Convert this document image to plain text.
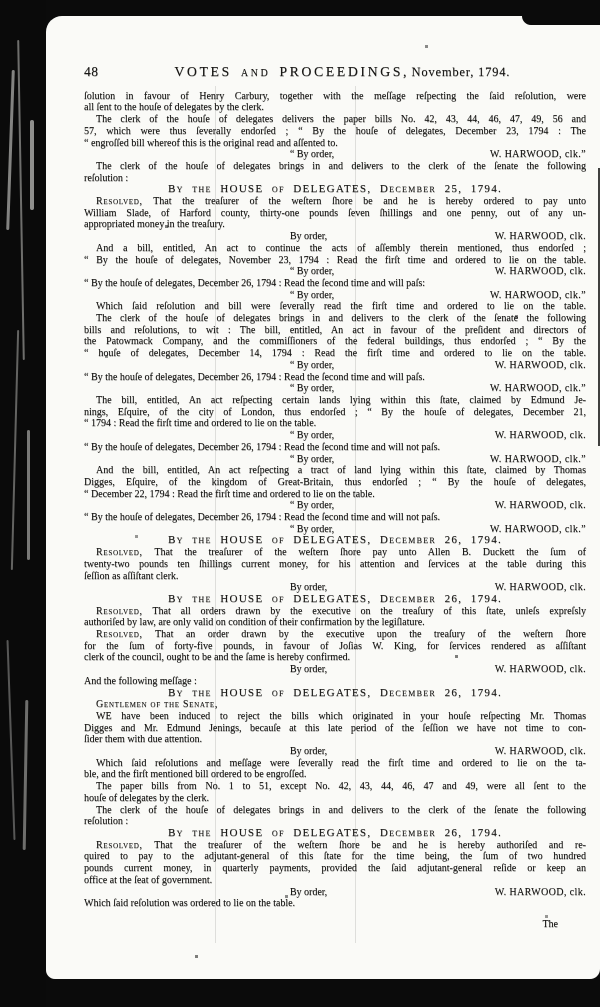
48	VOTES and PROCEEDINGS, November, 1794.
ſolution in favour of Henry Carbury, together with the meſſage reſpecting the ſaid reſolution, were
all ſent to the houſe of delegates by the clerk.
The clerk of the houſe of delegates delivers the paper bills No. 42, 43, 44, 46, 47, 49, 56 and
57, which were thus ſeverally endorſed ; “ By the houſe of delegates, December 23, 1794 : The
“ engroſſed bill whereof this is the original read and aſſented to.
“ By order,	W. HARWOOD, clk.”
The clerk of the houſe of delegates brings in and delivers to the clerk of the ſenate the following
reſolution :
By the HOUSE of DELEGATES, December 25, 1794.
Resolved, That the treaſurer of the weſtern ſhore be and he is hereby ordered to pay unto
William Slade, of Harford county, thirty-one pounds ſeven ſhillings and one penny, out of any un-
appropriated money in the treaſury.
By order,	W. HARWOOD, clk.
And a bill, entitled, An act to continue the acts of aſſembly therein mentioned, thus endorſed ;
“ By the houſe of delegates, November 23, 1794 : Read the firſt time and ordered to lie on the table.
“ By order,	W. HARWOOD, clk.
“ By the houſe of delegates, December 26, 1794 : Read the ſecond time and will paſs:
“ By order,	W. HARWOOD, clk.”
Which ſaid reſolution and bill were ſeverally read the firſt time and ordered to lie on the table.
The clerk of the houſe of delegates brings in and delivers to the clerk of the ſenate the following
bills and reſolutions, to wit : The bill, entitled, An act in favour of the preſident and directors of
the Patowmack Company, and the commiſſioners of the federal buildings, thus endorſed ; “ By the
“ houſe of delegates, December 14, 1794 : Read the firſt time and ordered to lie on the table.
“ By order,	W. HARWOOD, clk.
“ By the houſe of delegates, December 26, 1794 : Read the ſecond time and will paſs.
“ By order,	W. HARWOOD, clk.”
The bill, entitled, An act reſpecting certain lands lying within this ſtate, claimed by Edmund Je-
nings, Eſquire, of the city of London, thus endorſed ; “ By the houſe of delegates, December 21,
“ 1794 : Read the firſt time and ordered to lie on the table.
“ By order,	W. HARWOOD, clk.
“ By the houſe of delegates, December 26, 1794 : Read the ſecond time and will not paſs.
“ By order,	W. HARWOOD, clk.”
And the bill, entitled, An act reſpecting a tract of land lying within this ſtate, claimed by Thomas
Digges, Eſquire, of the kingdom of Great-Britain, thus endorſed ; “ By the houſe of delegates,
“ December 22, 1794 : Read the firſt time and ordered to lie on the table.
“ By order,	W. HARWOOD, clk.
“ By the houſe of delegates, December 26, 1794 : Read the ſecond time and will not paſs.
“ By order,	W. HARWOOD, clk.”
By the HOUSE of DELEGATES, December 26, 1794.
Resolved, That the treaſurer of the weſtern ſhore pay unto Allen B. Duckett the ſum of
twenty-two pounds ten ſhillings current money, for his attention and ſervices at the table during this
ſeſſion as aſſiſtant clerk.
By order,	W. HARWOOD, clk.
By the HOUSE of DELEGATES, December 26, 1794.
Resolved, That all orders drawn by the executive on the treaſury of this ſtate, unleſs expreſsly
authoriſed by law, are only valid on condition of their confirmation by the legiſlature.
Resolved, That an order drawn by the executive upon the treaſury of the weſtern ſhore
for the ſum of forty-five pounds, in favour of Joſias W. King, for ſervices rendered as aſſiſtant
clerk of the council, ought to be and the ſame is hereby confirmed.
By order,	W. HARWOOD, clk.
And the following meſſage :
By the HOUSE of DELEGATES, December 26, 1794.
Gentlemen of the Senate,
WE have been induced to reject the bills which originated in your houſe reſpecting Mr. Thomas
Digges and Mr. Edmund Jenings, becauſe at this late period of the ſeſſion we have not time to con-
ſider them with due attention.
By order,	W. HARWOOD, clk.
Which ſaid reſolutions and meſſage were ſeverally read the firſt time and ordered to lie on the ta-
ble, and the firſt mentioned bill ordered to be engroſſed.
The paper bills from No. 1 to 51, except No. 42, 43, 44, 46, 47 and 49, were all ſent to the
houſe of delegates by the clerk.
The clerk of the houſe of delegates brings in and delivers to the clerk of the ſenate the following
reſolution :
By the HOUSE of DELEGATES, December 26, 1794.
Resolved, That the treaſurer of the weſtern ſhore be and he is hereby authoriſed and re-
quired to pay to the adjutant-general of this ſtate for the time being, the ſum of two hundred
pounds current money, in quarterly payments, provided the ſaid adjutant-general reſide or keep an
office at the ſeat of government.
By order,	W. HARWOOD, clk.
Which ſaid reſolution was ordered to lie on the table.
The
